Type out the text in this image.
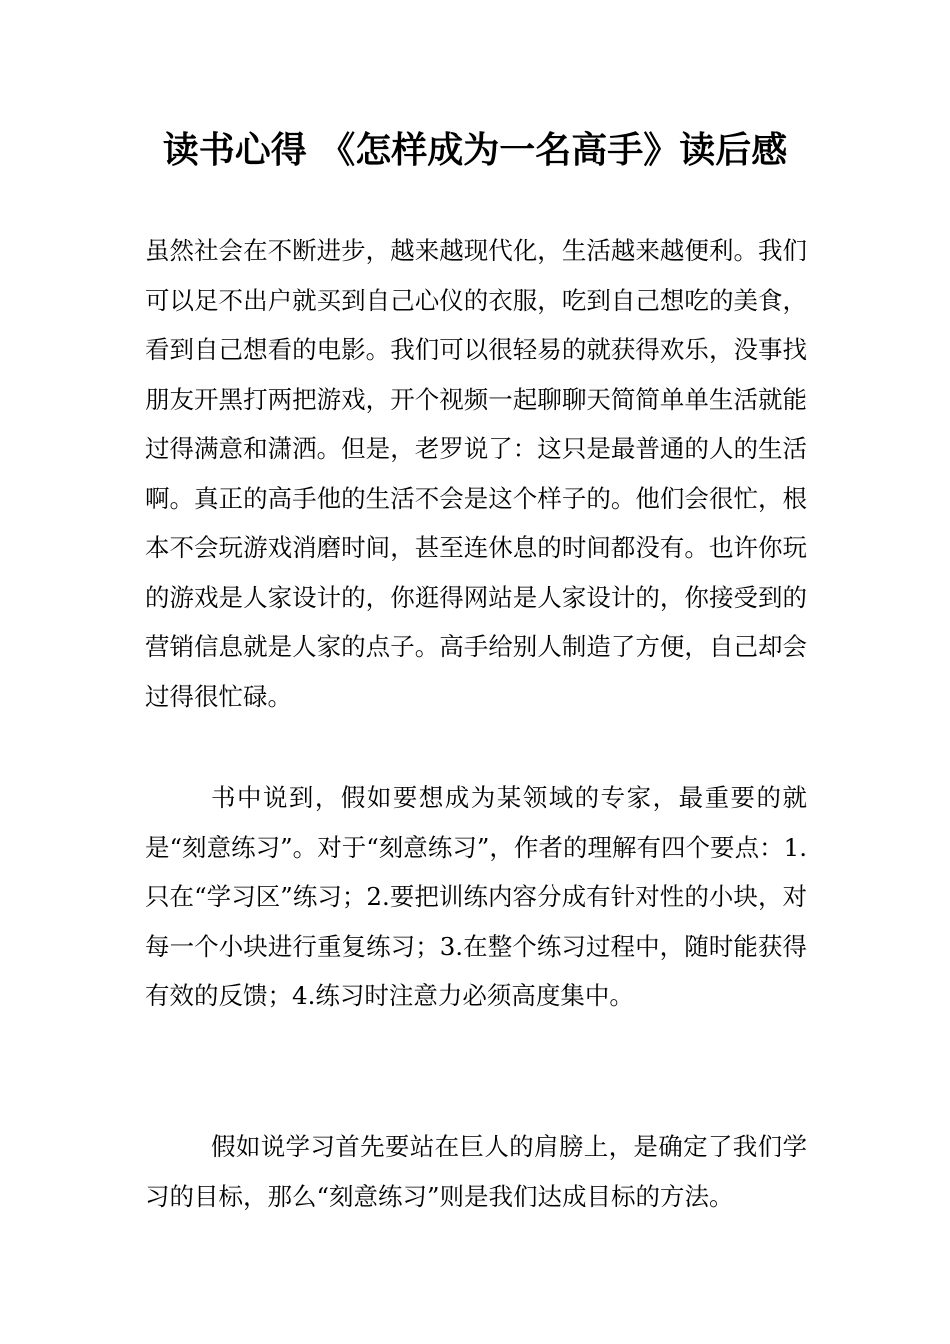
读书心得 《怎样成为一名高手》读后感

虽然社会在不断进步，越来越现代化，生活越来越便利。我们可以足不出户就买到自己心仪的衣服，吃到自己想吃的美食，看到自己想看的电影。我们可以很轻易的就获得欢乐，没事找朋友开黑打两把游戏，开个视频一起聊聊天简简单单生活就能过得满意和潇洒。但是，老罗说了：这只是最普通的人的生活啊。真正的高手他的生活不会是这个样子的。他们会很忙，根本不会玩游戏消磨时间，甚至连休息的时间都没有。也许你玩的游戏是人家设计的，你逛得网站是人家设计的，你接受到的营销信息就是人家的点子。高手给别人制造了方便，自己却会过得很忙碌。

书中说到，假如要想成为某领域的专家，最重要的就是“刻意练习”。对于“刻意练习”，作者的理解有四个要点：1.只在“学习区”练习；2.要把训练内容分成有针对性的小块，对每一个小块进行重复练习；3.在整个练习过程中，随时能获得有效的反馈；4.练习时注意力必须高度集中。

假如说学习首先要站在巨人的肩膀上，是确定了我们学习的目标，那么“刻意练习”则是我们达成目标的方法。
